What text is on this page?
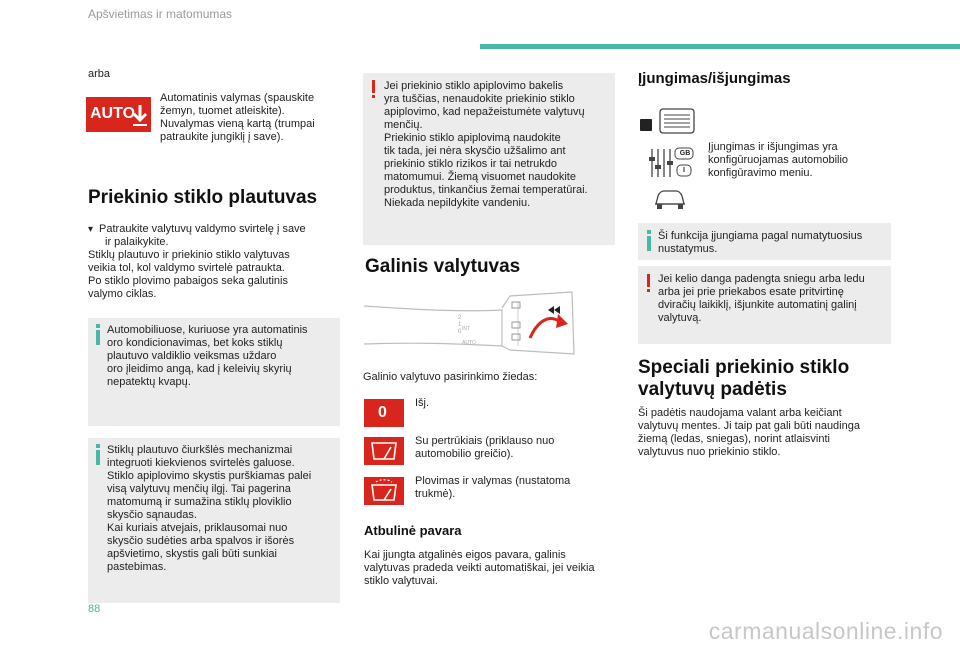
Apšvietimas ir matomumas
88
arba
AUTO
Automatinis valymas (spauskite
žemyn, tuomet atleiskite).
Nuvalymas vieną kartą (trumpai
patraukite jungiklį į save).
Priekinio stiklo plautuvas
▾ Patraukite valytuvų valdymo svirtelę į save
ir palaikykite.
Stiklų plautuvo ir priekinio stiklo valytuvas
veikia tol, kol valdymo svirtelė patraukta.
Po stiklo plovimo pabaigos seka galutinis
valymo ciklas.
Automobiliuose, kuriuose yra automatinis
oro kondicionavimas, bet koks stiklų
plautuvo valdiklio veiksmas uždaro
oro įleidimo angą, kad į keleivių skyrių
nepatektų kvapų.
Stiklų plautuvo čiurkšlės mechanizmai
integruoti kiekvienos svirtelės galuose.
Stiklo apiplovimo skystis purškiamas palei
visą valytuvų menčių ilgį. Tai pagerina
matomumą ir sumažina stiklų ploviklio
skysčio sąnaudas.
Kai kuriais atvejais, priklausomai nuo
skysčio sudėties arba spalvos ir išorės
apšvietimo, skystis gali būti sunkiai
pastebimas.
Jei priekinio stiklo apiplovimo bakelis
yra tuščias, nenaudokite priekinio stiklo
apiplovimo, kad nepažeistumėte valytuvų
menčių.
Priekinio stiklo apiplovimą naudokite
tik tada, jei nėra skysčio užšalimo ant
priekinio stiklo rizikos ir tai netrukdo
matomumui. Žiemą visuomet naudokite
produktus, tinkančius žemai temperatūrai.
Niekada nepildykite vandeniu.
Galinis valytuvas
2
1
0 INT
AUTO
Galinio valytuvo pasirinkimo žiedas:
0
Išj.
Su pertrūkiais (priklauso nuo
automobilio greičio).
Plovimas ir valymas (nustatoma
trukmė).
Atbulinė pavara
Kai įjungta atgalinės eigos pavara, galinis
valytuvas pradeda veikti automatiškai, jei veikia
stiklo valytuvai.
Įjungimas/išjungimas
GB
I
Įjungimas ir išjungimas yra
konfigūruojamas automobilio
konfigūravimo meniu.
Ši funkcija įjungiama pagal numatytuosius
nustatymus.
Jei kelio danga padengta sniegu arba ledu
arba jei prie priekabos esate pritvirtinę
dviračių laikiklį, išjunkite automatinį galinį
valytuvą.
Speciali priekinio stiklo
valytuvų padėtis
Ši padėtis naudojama valant arba keičiant
valytuvų mentes. Ji taip pat gali būti naudinga
žiemą (ledas, sniegas), norint atlaisvinti
valytuvus nuo priekinio stiklo.
carmanualsonline.info
